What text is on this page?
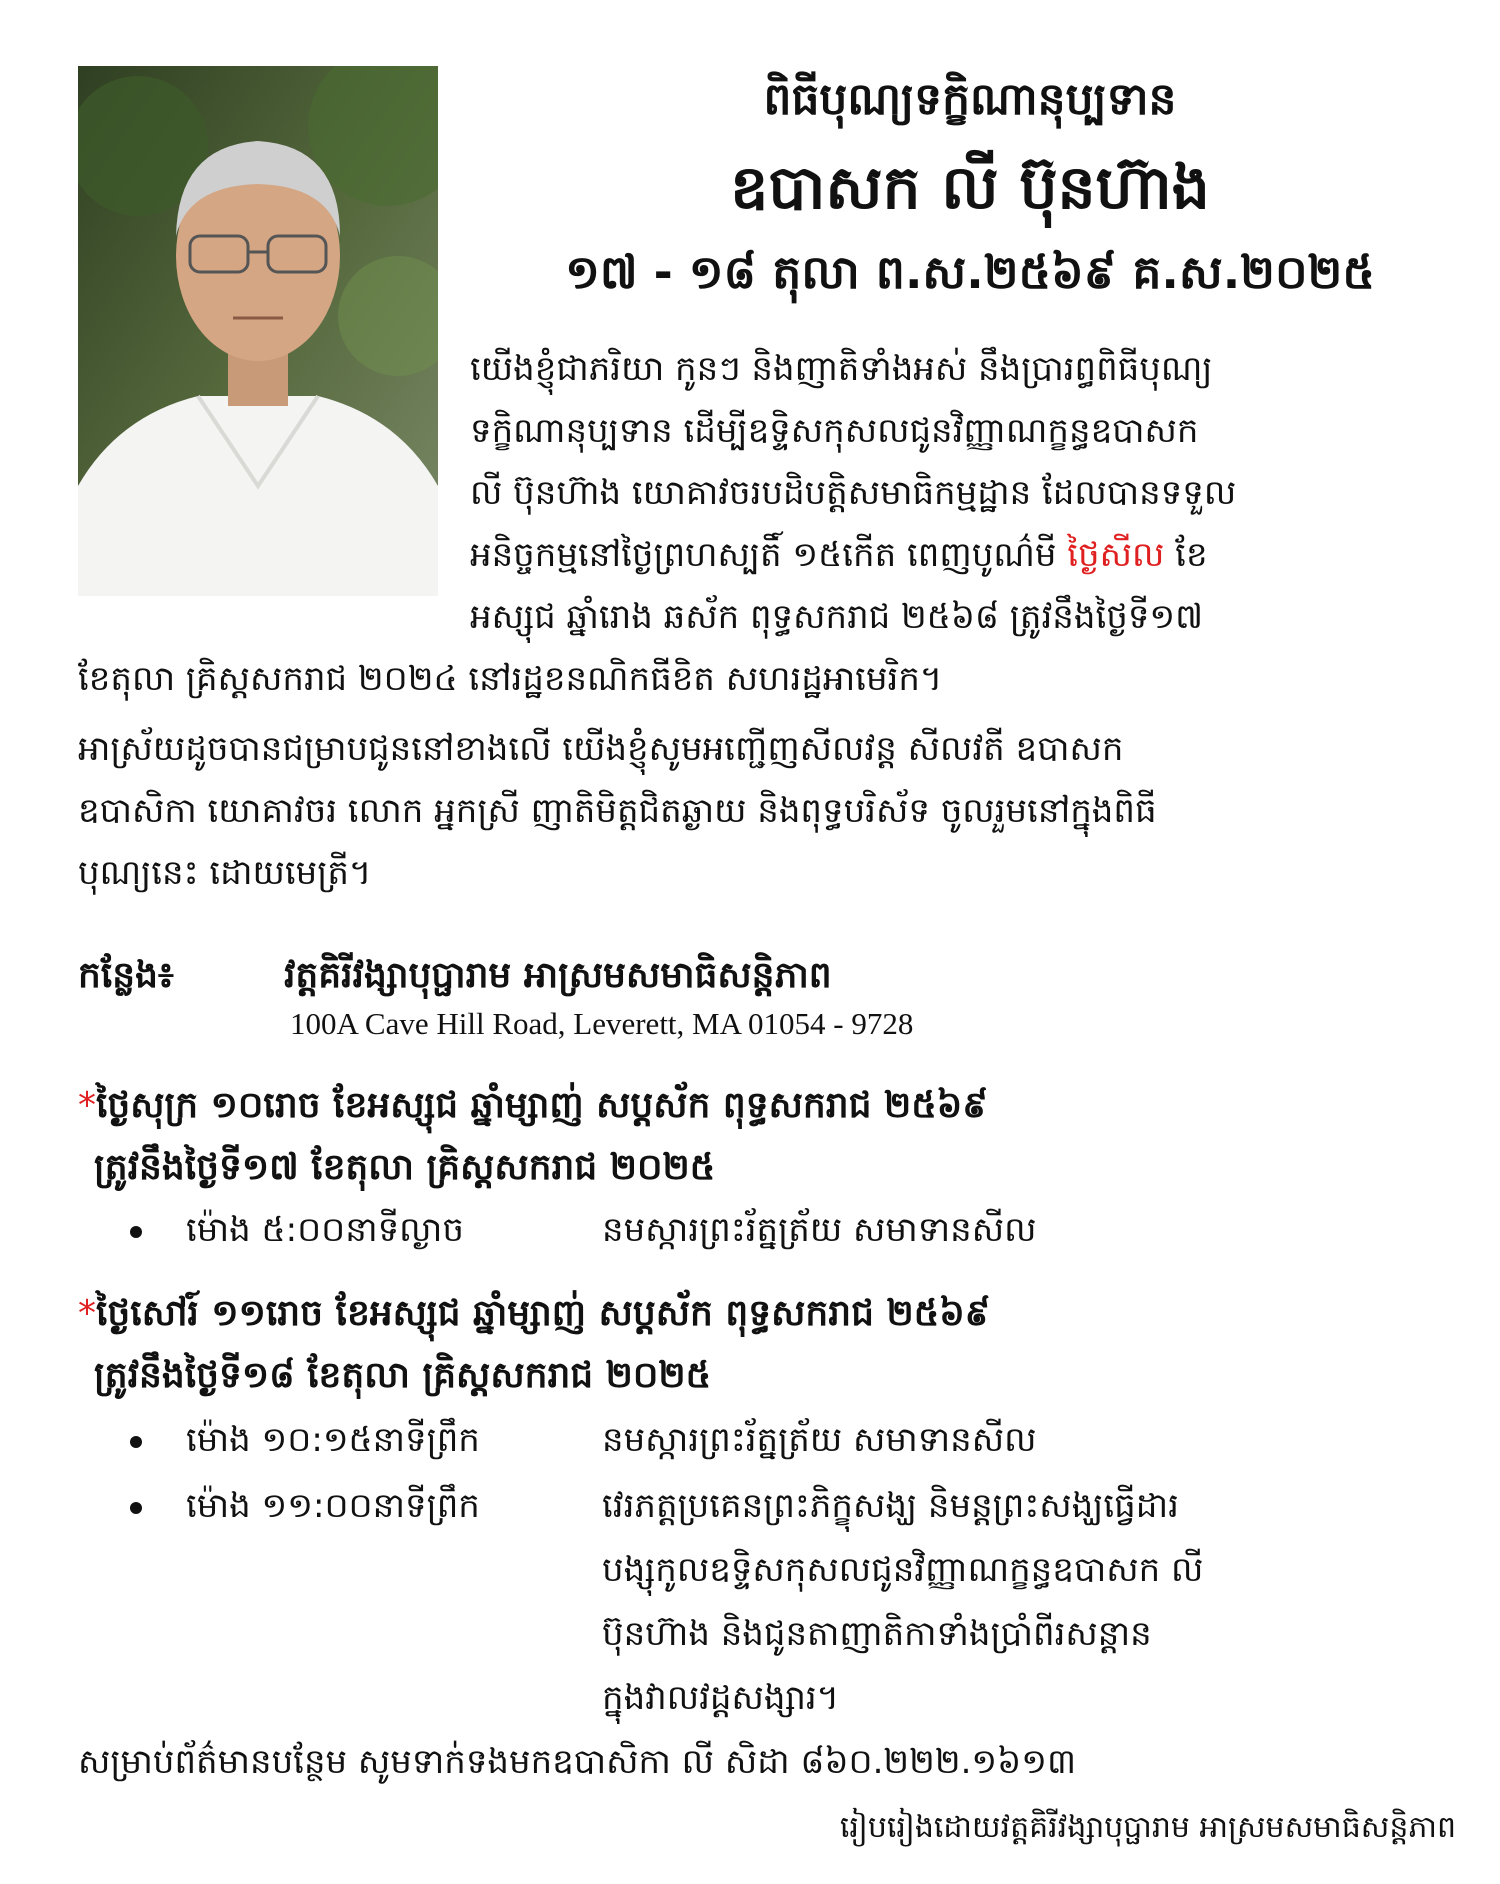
ពិធីបុណ្យទក្ខិណានុប្បទាន
ឧបាសក លី ប៊ុនហ៊ាង
១៧ - ១៨ តុលា ព.ស.២៥៦៩ គ.ស.២០២៥
យើងខ្ញុំជាភរិយា កូនៗ និងញាតិទាំងអស់ នឹងប្រារព្ធពិធីបុណ្យ
ទក្ខិណានុប្បទាន ដើម្បីឧទ្ទិសកុសលជូនវិញ្ញាណក្ខន្ធឧបាសក
លី ប៊ុនហ៊ាង យោគាវចរបដិបត្តិសមាធិកម្មដ្ឋាន ដែលបានទទួល
អនិច្ចកម្មនៅថ្ងៃព្រហស្បតិ៍ ១៥កើត ពេញបូណ៌មី ថ្ងៃសីល ខែ
អស្សុជ ឆ្នាំរោង ឆស័ក ពុទ្ធសករាជ ២៥៦៨ ត្រូវនឹងថ្ងៃទី១៧
ខែតុលា គ្រិស្តសករាជ ២០២៤ នៅរដ្ឋខនណិកធីខិត សហរដ្ឋអាមេរិក។
អាស្រ័យដូចបានជម្រាបជូននៅខាងលើ យើងខ្ញុំសូមអញ្ជើញសីលវន្ត សីលវតី ឧបាសក
ឧបាសិកា យោគាវចរ លោក អ្នកស្រី ញាតិមិត្តជិតឆ្ងាយ និងពុទ្ធបរិស័ទ ចូលរួមនៅក្នុងពិធី
បុណ្យនេះ ដោយមេត្រី។
កន្លែង៖	វត្តគិរីវង្សាបុប្ផារាម អាស្រមសមាធិសន្តិភាព
100A Cave Hill Road, Leverett, MA 01054 - 9728
*ថ្ងៃសុក្រ ១០រោច ខែអស្សុជ ឆ្នាំម្សាញ់ សប្តស័ក ពុទ្ធសករាជ ២៥៦៩
ត្រូវនឹងថ្ងៃទី១៧ ខែតុលា គ្រិស្តសករាជ ២០២៥
ម៉ោង ៥:០០នាទីល្ងាច	នមស្ការព្រះរ័ត្នត្រ័យ សមាទានសីល
*ថ្ងៃសៅរ៍ ១១រោច ខែអស្សុជ ឆ្នាំម្សាញ់ សប្តស័ក ពុទ្ធសករាជ ២៥៦៩
ត្រូវនឹងថ្ងៃទី១៨ ខែតុលា គ្រិស្តសករាជ ២០២៥
ម៉ោង ១០:១៥នាទីព្រឹក	នមស្ការព្រះរ័ត្នត្រ័យ សមាទានសីល
ម៉ោង ១១:០០នាទីព្រឹក	វេរភត្តប្រគេនព្រះភិក្ខុសង្ឃ និមន្តព្រះសង្ឃធ្វើដារ
បង្សុកូលឧទ្ទិសកុសលជូនវិញ្ញាណក្ខន្ធឧបាសក លី
ប៊ុនហ៊ាង និងជូនតាញាតិកាទាំងប្រាំពីរសន្តាន
ក្នុងវាលវដ្តសង្សារ។
សម្រាប់ព័ត៌មានបន្ថែម សូមទាក់ទងមកឧបាសិកា លី សិដា ៨៦០.២២២.១៦១៣
រៀបរៀងដោយវត្តគិរីវង្សាបុប្ផារាម អាស្រមសមាធិសន្តិភាព
